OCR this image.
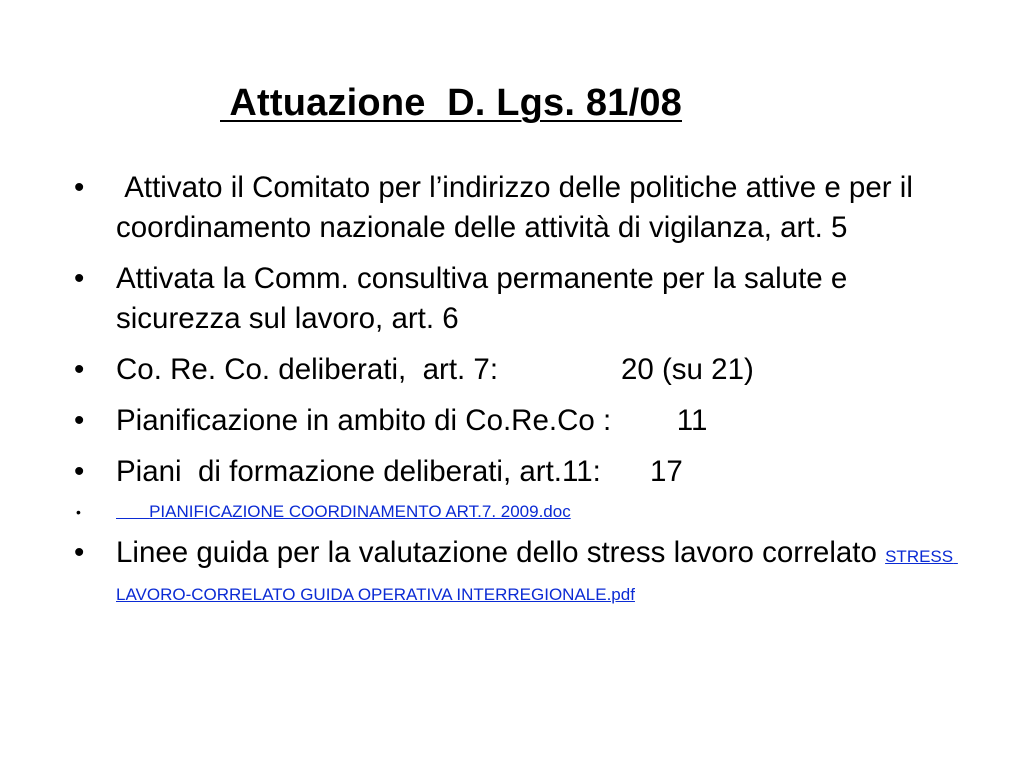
Attuazione  D. Lgs. 81/08
• Attivato il Comitato per l’indirizzo delle politiche attive e per il coordinamento nazionale delle attività di vigilanza, art. 5
• Attivata la Comm. consultiva permanente per la salute e sicurezza sul lavoro, art. 6
• Co. Re. Co. deliberati,  art. 7:               20 (su 21)
• Pianificazione in ambito di Co.Re.Co :        11
• Piani  di formazione deliberati, art.11:      17
• PIANIFICAZIONE COORDINAMENTO ART.7. 2009.doc
• Linee guida per la valutazione dello stress lavoro correlato STRESS LAVORO-CORRELATO GUIDA OPERATIVA INTERREGIONALE.pdf
